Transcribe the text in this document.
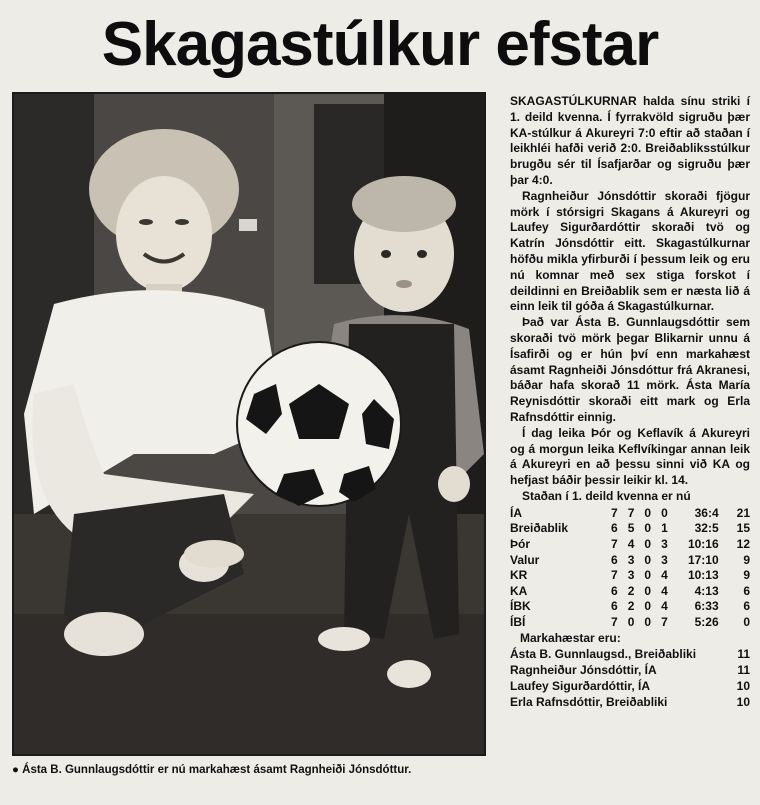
Skagastúlkur efstar
● Ásta B. Gunnlaugsdóttir er nú markahæst ásamt Ragnheiði Jónsdóttur.

SKAGASTÚLKURNAR halda sínu striki í 1. deild kvenna. Í fyrrakvöld sigruðu þær KA-stúlkur á Akureyri 7:0 eftir að staðan í leikhléi hafði verið 2:0. Breiðabliksstúlkur brugðu sér til Ísafjarðar og sigruðu þær þar 4:0.

Ragnheiður Jónsdóttir skoraði fjögur mörk í stórsigri Skagans á Akureyri og Laufey Sigurðardóttir skoraði tvö og Katrín Jónsdóttir eitt. Skagastúlkurnar höfðu mikla yfirburði í þessum leik og eru nú komnar með sex stiga forskot í deildinni en Breiðablik sem er næsta lið á einn leik til góða á Skagastúlkurnar.

Það var Ásta B. Gunnlaugsdóttir sem skoraði tvö mörk þegar Blikarnir unnu á Ísafirði og er hún því enn markahæst ásamt Ragnheiði Jónsdóttur frá Akranesi, báðar hafa skorað 11 mörk. Ásta María Reynisdóttir skoraði eitt mark og Erla Rafnsdóttir einnig.

Í dag leika Þór og Keflavík á Akureyri og á morgun leika Keflvíkingar annan leik á Akureyri en að þessu sinni við KA og hefjast báðir þessir leikir kl. 14.

Staðan í 1. deild kvenna er nú

ÍA	7	7	0	0	36:4	21
Breiðablik	6	5	0	1	32:5	15
Þór	7	4	0	3	10:16	12
Valur	6	3	0	3	17:10	9
KR	7	3	0	4	10:13	9
KA	6	2	0	4	4:13	6
ÍBK	6	2	0	4	6:33	6
ÍBÍ	7	0	0	7	5:26	0
Markahæstar eru:
Ásta B. Gunnlaugsd., Breiðabliki	11
Ragnheiður Jónsdóttir, ÍA	11
Laufey Sigurðardóttir, ÍA	10
Erla Rafnsdóttir, Breiðabliki	10
